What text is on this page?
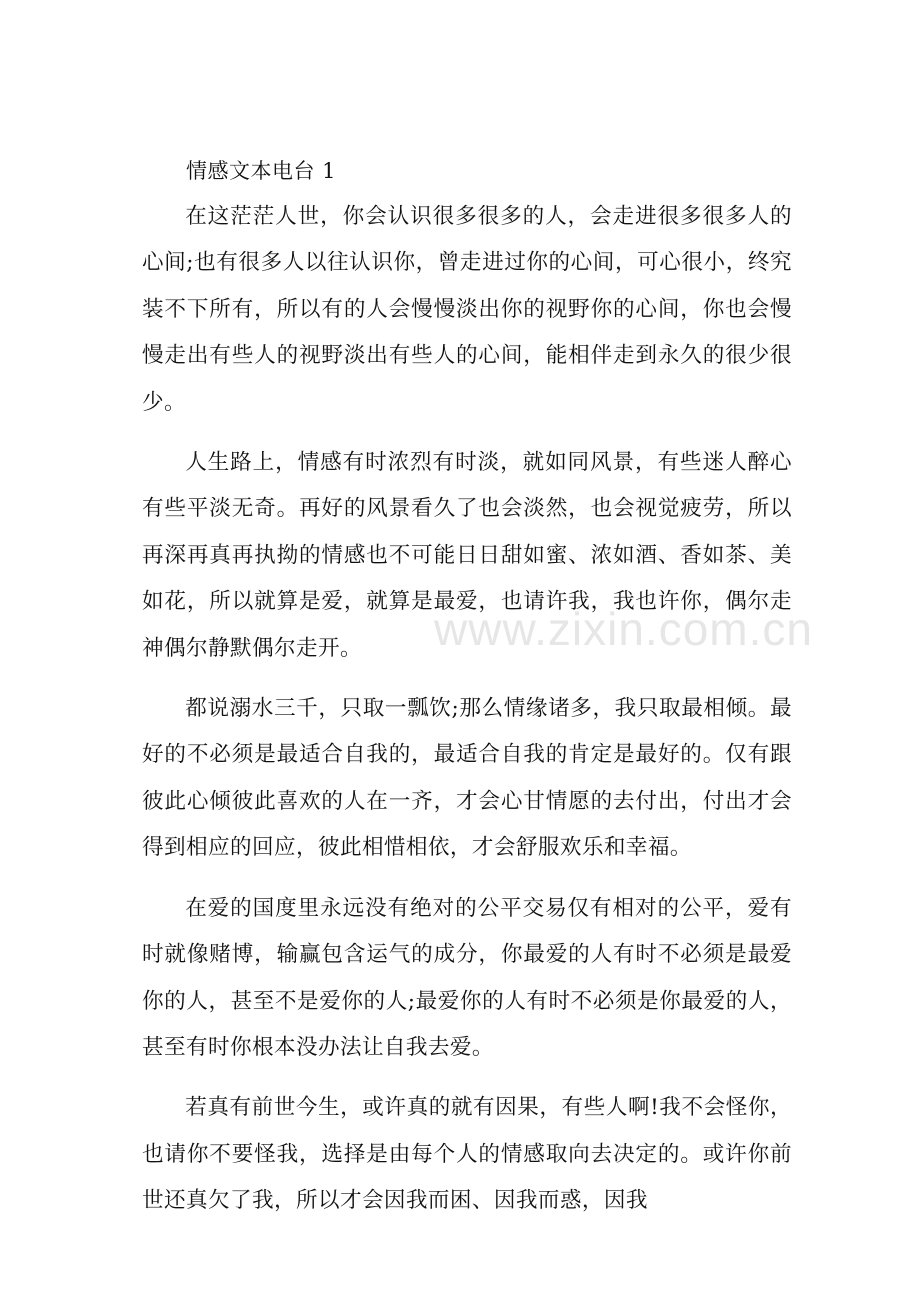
情感文本电台 1

在这茫茫人世，你会认识很多很多的人，会走进很多很多人的心间;也有很多人以往认识你，曾走进过你的心间，可心很小，终究装不下所有，所以有的人会慢慢淡出你的视野你的心间，你也会慢慢走出有些人的视野淡出有些人的心间，能相伴走到永久的很少很少。

人生路上，情感有时浓烈有时淡，就如同风景，有些迷人醉心有些平淡无奇。再好的风景看久了也会淡然，也会视觉疲劳，所以再深再真再执拗的情感也不可能日日甜如蜜、浓如酒、香如茶、美如花，所以就算是爱，就算是最爱，也请许我，我也许你，偶尔走神偶尔静默偶尔走开。

都说溺水三千，只取一瓢饮;那么情缘诸多，我只取最相倾。最好的不必须是最适合自我的，最适合自我的肯定是最好的。仅有跟彼此心倾彼此喜欢的人在一齐，才会心甘情愿的去付出，付出才会得到相应的回应，彼此相惜相依，才会舒服欢乐和幸福。

在爱的国度里永远没有绝对的公平交易仅有相对的公平，爱有时就像赌博，输赢包含运气的成分，你最爱的人有时不必须是最爱你的人，甚至不是爱你的人;最爱你的人有时不必须是你最爱的人，甚至有时你根本没办法让自我去爱。

若真有前世今生，或许真的就有因果，有些人啊!我不会怪你，也请你不要怪我，选择是由每个人的情感取向去决定的。或许你前世还真欠了我，所以才会因我而困、因我而惑，因我

www.zixin.com.cn
